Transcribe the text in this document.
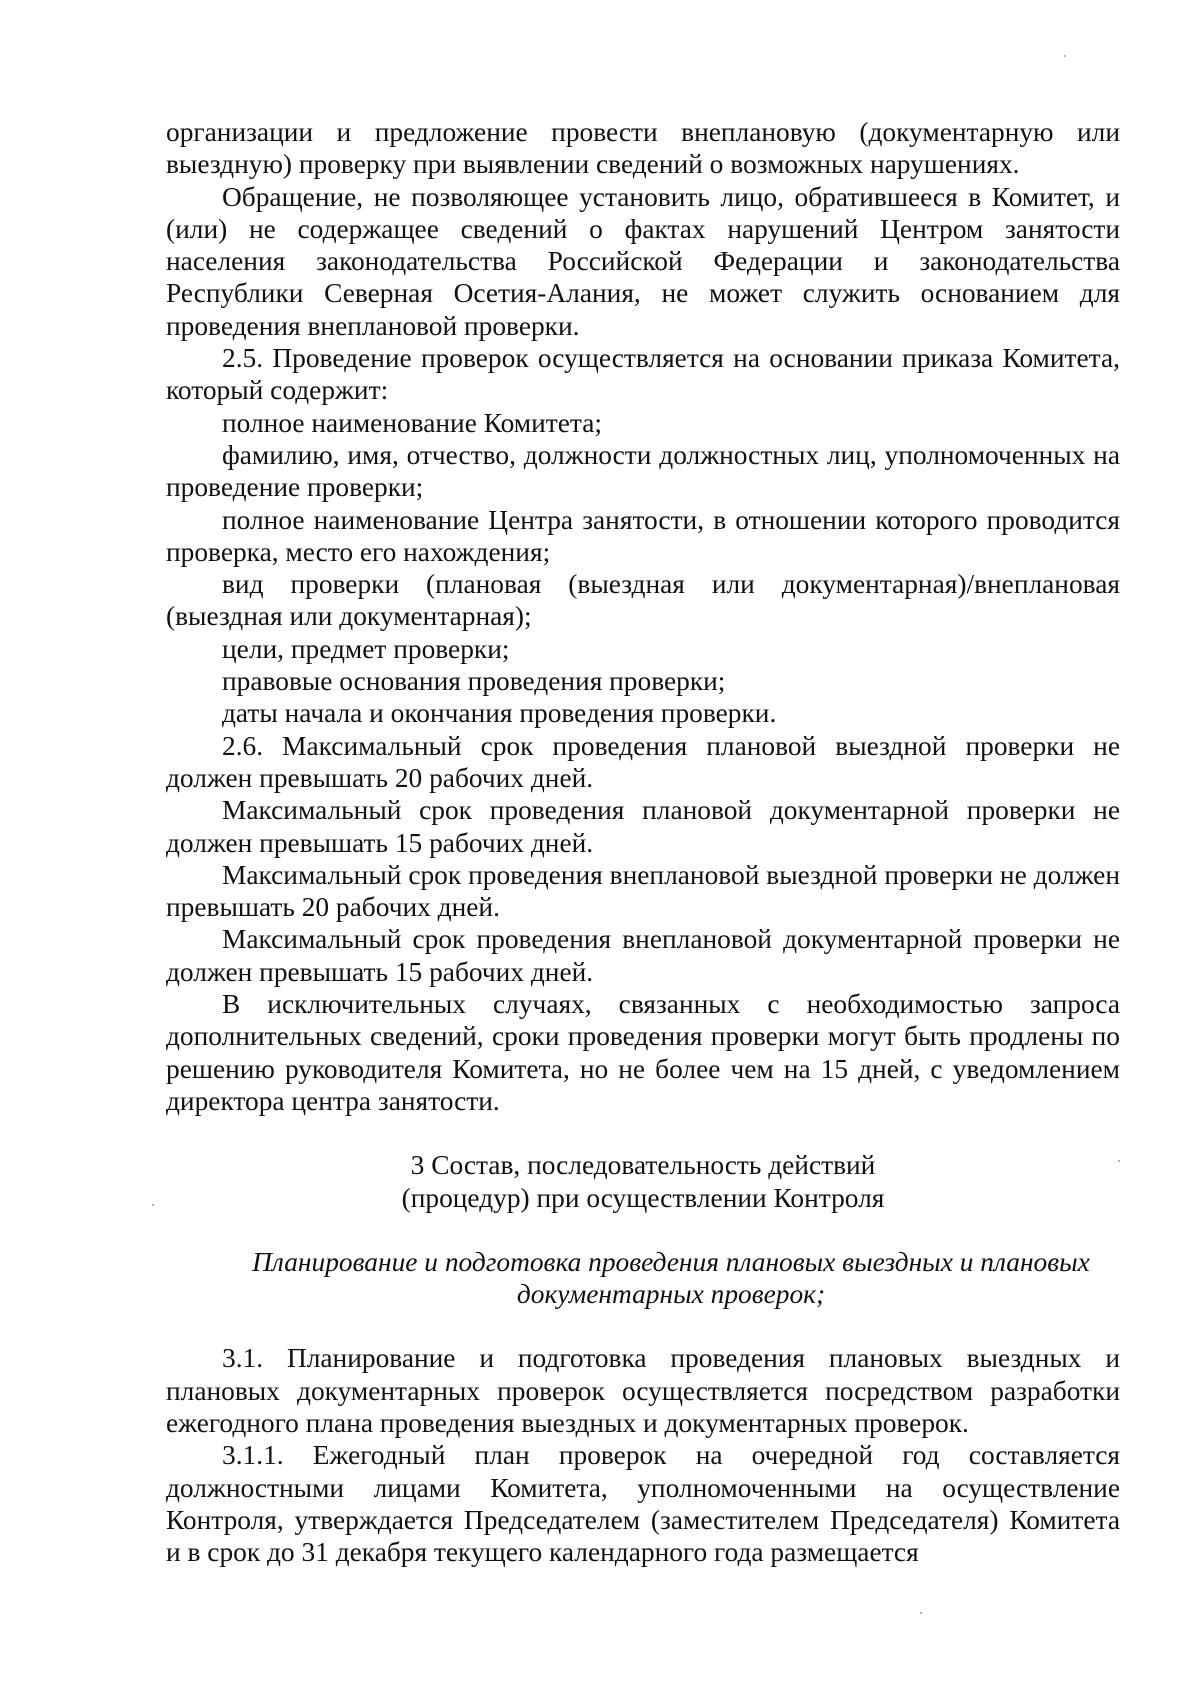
организации и предложение провести внеплановую (документарную или выездную) проверку при выявлении сведений о возможных нарушениях.

Обращение, не позволяющее установить лицо, обратившееся в Комитет, и (или) не содержащее сведений о фактах нарушений Центром занятости населения законодательства Российской Федерации и законодательства Республики Северная Осетия-Алания, не может служить основанием для проведения внеплановой проверки.

2.5. Проведение проверок осуществляется на основании приказа Комитета, который содержит:

полное наименование Комитета;

фамилию, имя, отчество, должности должностных лиц, уполномоченных на проведение проверки;

полное наименование Центра занятости, в отношении которого проводится проверка, место его нахождения;

вид проверки (плановая (выездная или документарная)/внеплановая (выездная или документарная);

цели, предмет проверки;

правовые основания проведения проверки;

даты начала и окончания проведения проверки.

2.6. Максимальный срок проведения плановой выездной проверки не должен превышать 20 рабочих дней.

Максимальный срок проведения плановой документарной проверки не должен превышать 15 рабочих дней.

Максимальный срок проведения внеплановой выездной проверки не должен превышать 20 рабочих дней.

Максимальный срок проведения внеплановой документарной проверки не должен превышать 15 рабочих дней.

В исключительных случаях, связанных с необходимостью запроса дополнительных сведений, сроки проведения проверки могут быть продлены по решению руководителя Комитета, но не более чем на 15 дней, с уведомлением директора центра занятости.

3 Состав, последовательность действий

(процедур) при осуществлении Контроля

Планирование и подготовка проведения плановых выездных и плановых

документарных проверок;

3.1. Планирование и подготовка проведения плановых выездных и плановых документарных проверок осуществляется посредством разработки ежегодного плана проведения выездных и документарных проверок.

3.1.1. Ежегодный план проверок на очередной год составляется должностными лицами Комитета, уполномоченными на осуществление Контроля, утверждается Председателем (заместителем Председателя) Комитета и в срок до 31 декабря текущего календарного года размещается
